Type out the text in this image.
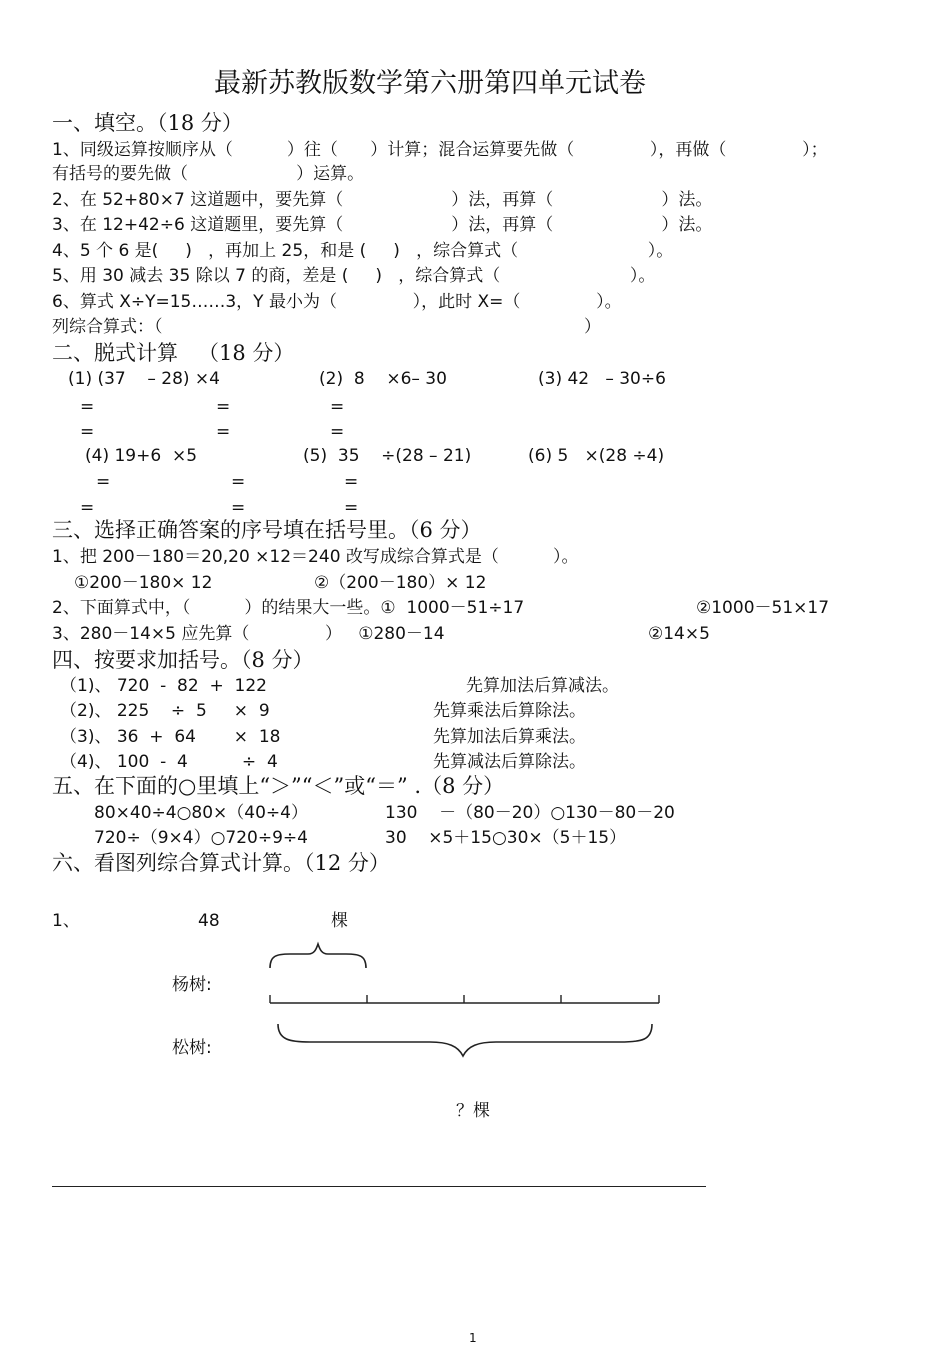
最新苏教版数学第六册第四单元试卷
一、填空。（18 分）
1、同级运算按顺序从（          ）往（      ）计算；混合运算要先做（              ），再做（              ）；
有括号的要先做（                    ）运算。
2、在 52+80×7 这道题中，要先算（                    ）法，再算（                    ）法。
3、在 12+42÷6 这道题里，要先算（                    ）法，再算（                    ）法。
4、5 个 6 是(     )   ，再加上 25，和是 (     )   ，综合算式（                        ）。
5、用 30 减去 35 除以 7 的商，差是 (     )   ，综合算式（                        ）。
6、算式 X÷Y=15……3，Y 最小为（              ），此时 X=（              ）。
列综合算式：（                                                                              ）
二、脱式计算   （18 分）
(1) (37    – 28) ×4	(2)  8    ×6– 30	(3) 42   – 30÷6
=	=	=
=	=	=
(4) 19+6  ×5	(5)  35    ÷(28 – 21)	(6) 5   ×(28 ÷4)
=	=	=
=	=	=
三、选择正确答案的序号填在括号里。（6 分）
1、把 200－180＝20,20 ×12＝240 改写成综合算式是（          ）。
①200－180× 12	②（200－180）× 12
2、下面算式中，（          ）的结果大一些。①  1000－51÷17	②1000－51×17
3、280－14×5 应先算（              ）   ①280－14	②14×5
四、按要求加括号。（8 分）
（1)、 720  -  82  +  122	先算加法后算减法。
（2)、 225    ÷  5     ×  9	先算乘法后算除法。
（3)、 36  +  64       ×  18	先算加法后算乘法。
（4)、 100  -  4          ÷  4	先算减法后算除法。
五、在下面的○里填上“＞”“＜”或“＝” .（8 分）
80×40÷4○80×（40÷4）	130    －（80－20）○130－80－20
720÷（9×4）○720÷9÷4	30    ×5＋15○30×（5＋15）
六、看图列综合算式计算。（12 分）
1、	48	棵
杨树:
松树:
？棵
1
